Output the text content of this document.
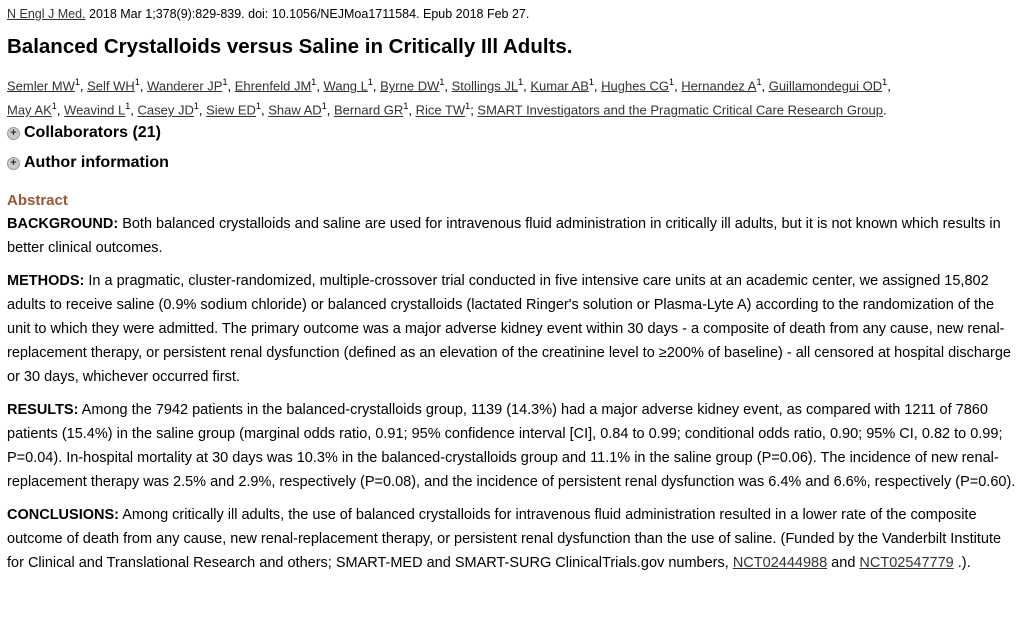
N Engl J Med. 2018 Mar 1;378(9):829-839. doi: 10.1056/NEJMoa1711584. Epub 2018 Feb 27.
Balanced Crystalloids versus Saline in Critically Ill Adults.
Semler $MW^1$, Self $WH^1$, Wanderer $JP^1$, Ehrenfeld $JM^1$, Wang $L^1$, Byrne $DW^1$, Stollings $JL^1$, Kumar $AB^1$, Hughes $CG^1$, Hernandez $A^1$, Guillamondegui $OD^1$,
May $AK^1$, Weavind $L^1$, Casey $JD^1$, Siew $ED^1$, Shaw $AD^1$, Bernard $GR^1$, Rice $TW^1$; SMART Investigators and the Pragmatic Critical Care Research Group.
+ Collaborators (21)
+ Author information
Abstract

BACKGROUND: Both balanced crystalloids and saline are used for intravenous fluid administration in critically ill adults, but it is not known which results in better clinical outcomes.

METHODS: In a pragmatic, cluster-randomized, multiple-crossover trial conducted in five intensive care units at an academic center, we assigned 15,802 adults to receive saline (0.9% sodium chloride) or balanced crystalloids (lactated Ringer's solution or Plasma-Lyte A) according to the randomization of the unit to which they were admitted. The primary outcome was a major adverse kidney event within 30 days - a composite of death from any cause, new renal-replacement therapy, or persistent renal dysfunction (defined as an elevation of the creatinine level to ≥200% of baseline) - all censored at hospital discharge or 30 days, whichever occurred first.

RESULTS: Among the 7942 patients in the balanced-crystalloids group, 1139 (14.3%) had a major adverse kidney event, as compared with 1211 of 7860 patients (15.4%) in the saline group (marginal odds ratio, 0.91; 95% confidence interval [CI], 0.84 to 0.99; conditional odds ratio, 0.90; 95% CI, 0.82 to 0.99; P=0.04). In-hospital mortality at 30 days was 10.3% in the balanced-crystalloids group and 11.1% in the saline group (P=0.06). The incidence of new renal-replacement therapy was 2.5% and 2.9%, respectively (P=0.08), and the incidence of persistent renal dysfunction was 6.4% and 6.6%, respectively (P=0.60).

CONCLUSIONS: Among critically ill adults, the use of balanced crystalloids for intravenous fluid administration resulted in a lower rate of the composite outcome of death from any cause, new renal-replacement therapy, or persistent renal dysfunction than the use of saline. (Funded by the Vanderbilt Institute for Clinical and Translational Research and others; SMART-MED and SMART-SURG ClinicalTrials.gov numbers, NCT02444988 and NCT02547779 .).
